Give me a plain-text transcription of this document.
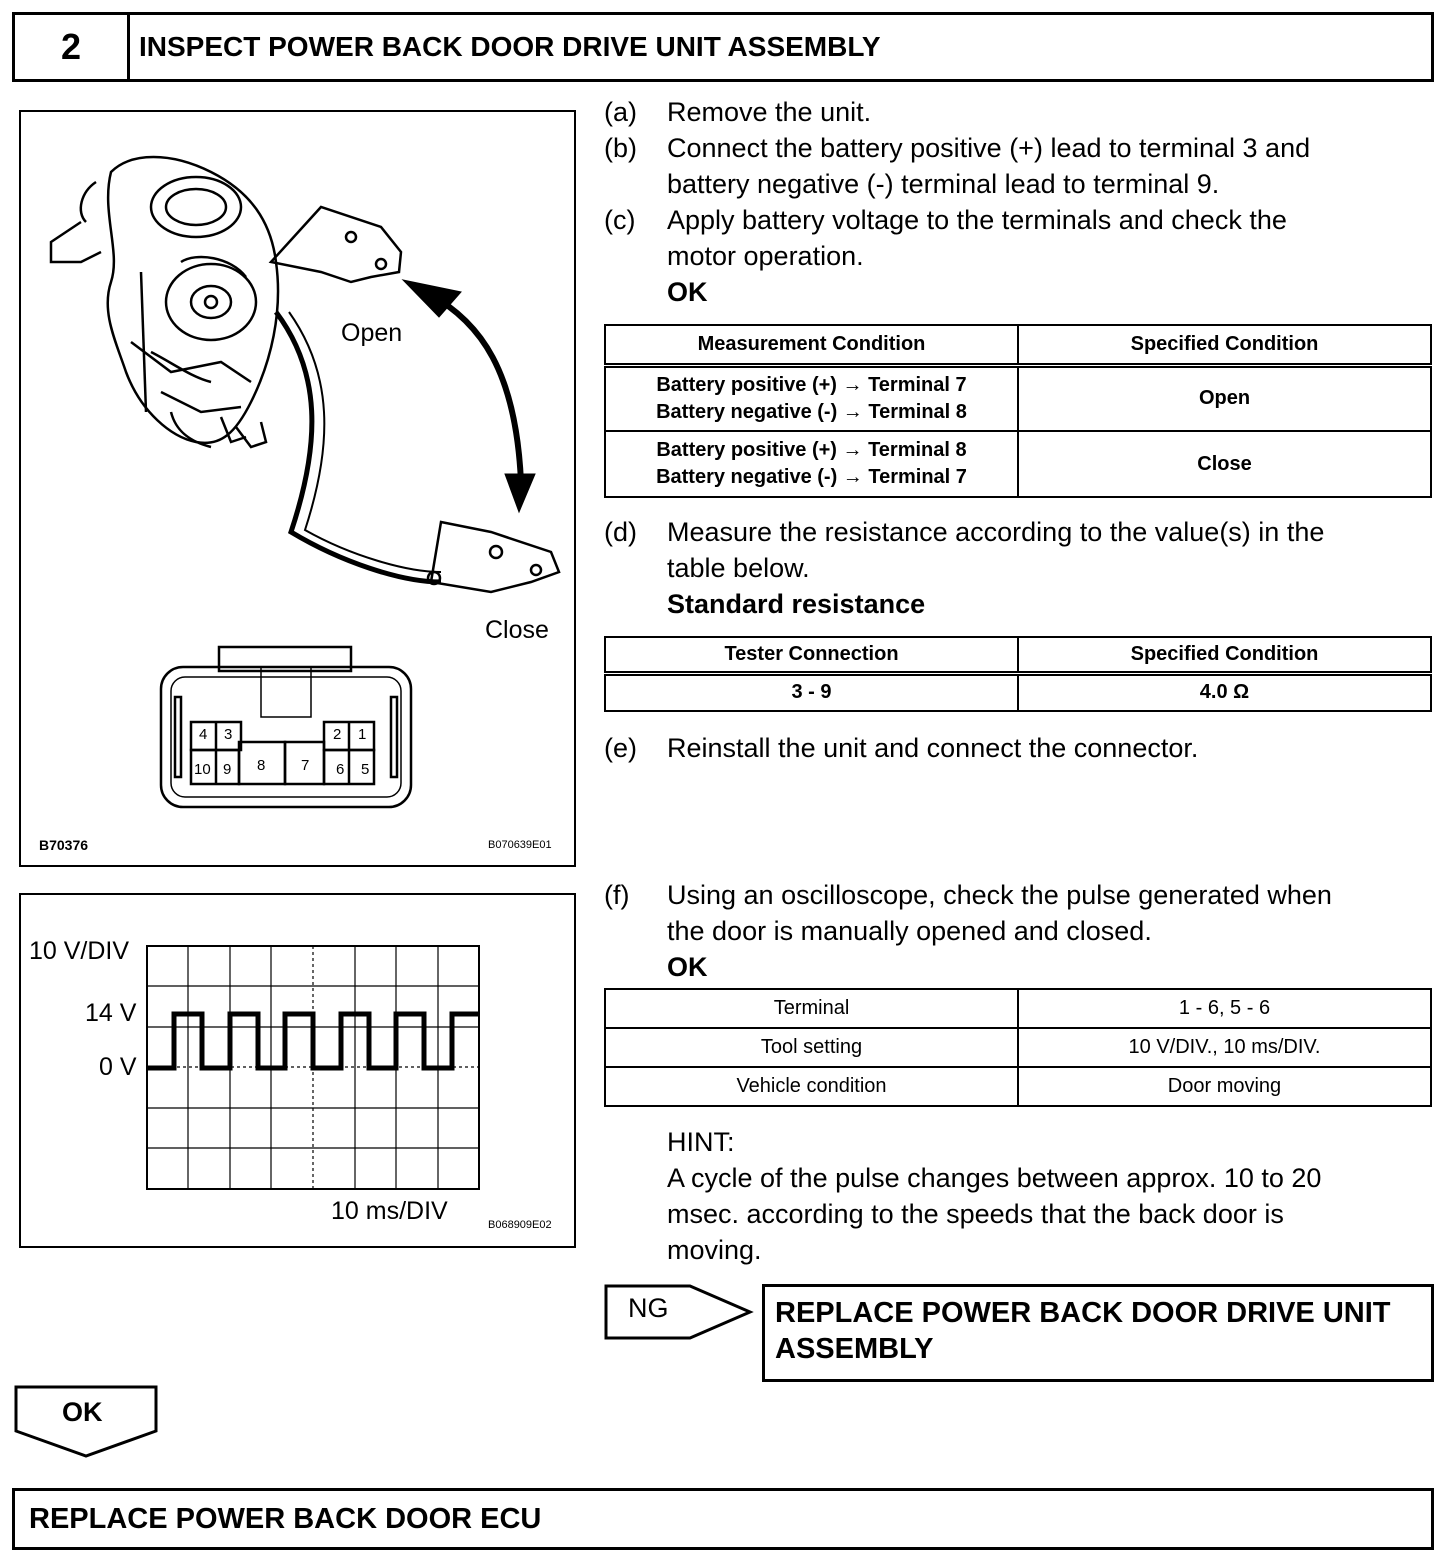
2	INSPECT POWER BACK DOOR DRIVE UNIT ASSEMBLY
Open
Close
4 3	2 1
10 9 8 7 6 5
B70376	B070639E01
10 V/DIV
14 V
0 V
10 ms/DIV	B068909E02
(a) Remove the unit.
(b) Connect the battery positive (+) lead to terminal 3 and
battery negative (-) terminal lead to terminal 9.
(c) Apply battery voltage to the terminals and check the
motor operation.
OK
Measurement Condition	Specified Condition

Battery positive (+) → Terminal 7
Battery negative (-) → Terminal 8	Open

Battery positive (+) → Terminal 8
Battery negative (-) → Terminal 7	Close
(d) Measure the resistance according to the value(s) in the
table below.
Standard resistance
Tester Connection	Specified Condition
3 - 9	4.0 Ω
(e) Reinstall the unit and connect the connector.
(f) Using an oscilloscope, check the pulse generated when
the door is manually opened and closed.
OK
Terminal	1 - 6, 5 - 6
Tool setting	10 V/DIV., 10 ms/DIV.
Vehicle condition	Door moving
HINT:
A cycle of the pulse changes between approx. 10 to 20
msec. according to the speeds that the back door is
moving.
NG	REPLACE POWER BACK DOOR DRIVE UNIT
ASSEMBLY
OK
REPLACE POWER BACK DOOR ECU
